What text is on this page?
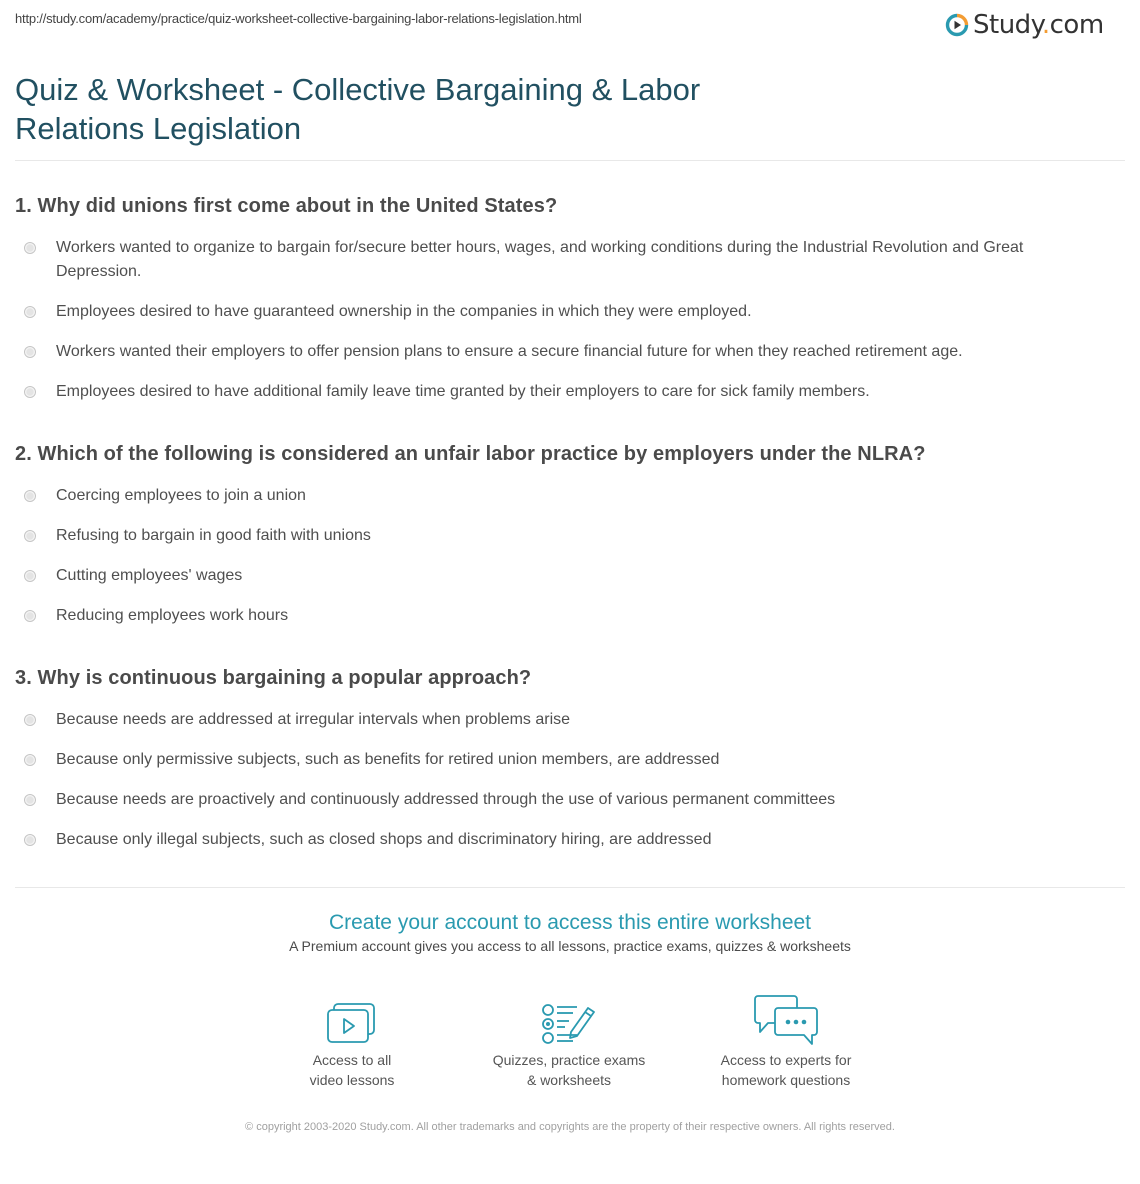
http://study.com/academy/practice/quiz-worksheet-collective-bargaining-labor-relations-legislation.html	Study.com
Quiz & Worksheet - Collective Bargaining & Labor Relations Legislation
1. Why did unions first come about in the United States?
Workers wanted to organize to bargain for/secure better hours, wages, and working conditions during the Industrial Revolution and Great Depression.
Employees desired to have guaranteed ownership in the companies in which they were employed.
Workers wanted their employers to offer pension plans to ensure a secure financial future for when they reached retirement age.
Employees desired to have additional family leave time granted by their employers to care for sick family members.
2. Which of the following is considered an unfair labor practice by employers under the NLRA?
Coercing employees to join a union
Refusing to bargain in good faith with unions
Cutting employees' wages
Reducing employees work hours
3. Why is continuous bargaining a popular approach?
Because needs are addressed at irregular intervals when problems arise
Because only permissive subjects, such as benefits for retired union members, are addressed
Because needs are proactively and continuously addressed through the use of various permanent committees
Because only illegal subjects, such as closed shops and discriminatory hiring, are addressed
Create your account to access this entire worksheet
A Premium account gives you access to all lessons, practice exams, quizzes & worksheets
Access to all
video lessons
Quizzes, practice exams
& worksheets
Access to experts for
homework questions
© copyright 2003-2020 Study.com. All other trademarks and copyrights are the property of their respective owners. All rights reserved.
